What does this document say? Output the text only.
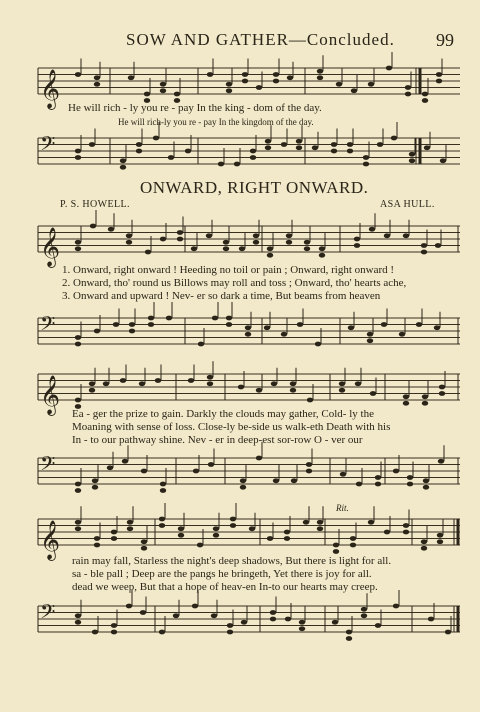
SOW AND GATHER—Concluded. 99
𝄞 He will rich - ly you re - pay In the king - dom of the day.
He will rich-ly you re - pay In the kingdom of the day.
𝄢
ONWARD, RIGHT ONWARD.
P. S. HOWELL.	ASA HULL.
𝄞
1. Onward, right onward ! Heeding no toil or pain ; Onward, right onward !
2. Onward, tho' round us Billows may roll and toss ; Onward, tho' hearts ache,
3. Onward and upward ! Nev- er so dark a time, But beams from heaven
𝄢
𝄞 Ea - ger the prize to gain. Darkly the clouds may gather, Cold- ly the
Moaning with sense of loss. Close-ly be-side us walk-eth Death with his
In - to our pathway shine. Nev - er in deep-est sor-row O - ver our
𝄢
Rit.
𝄞
rain may fall, Starless the night's deep shadows, But there is light for all.
sa - ble pall ; Deep are the pangs he bringeth, Yet there is joy for all.
dead we weep, But that a hope of heav-en In-to our hearts may creep.
𝄢
